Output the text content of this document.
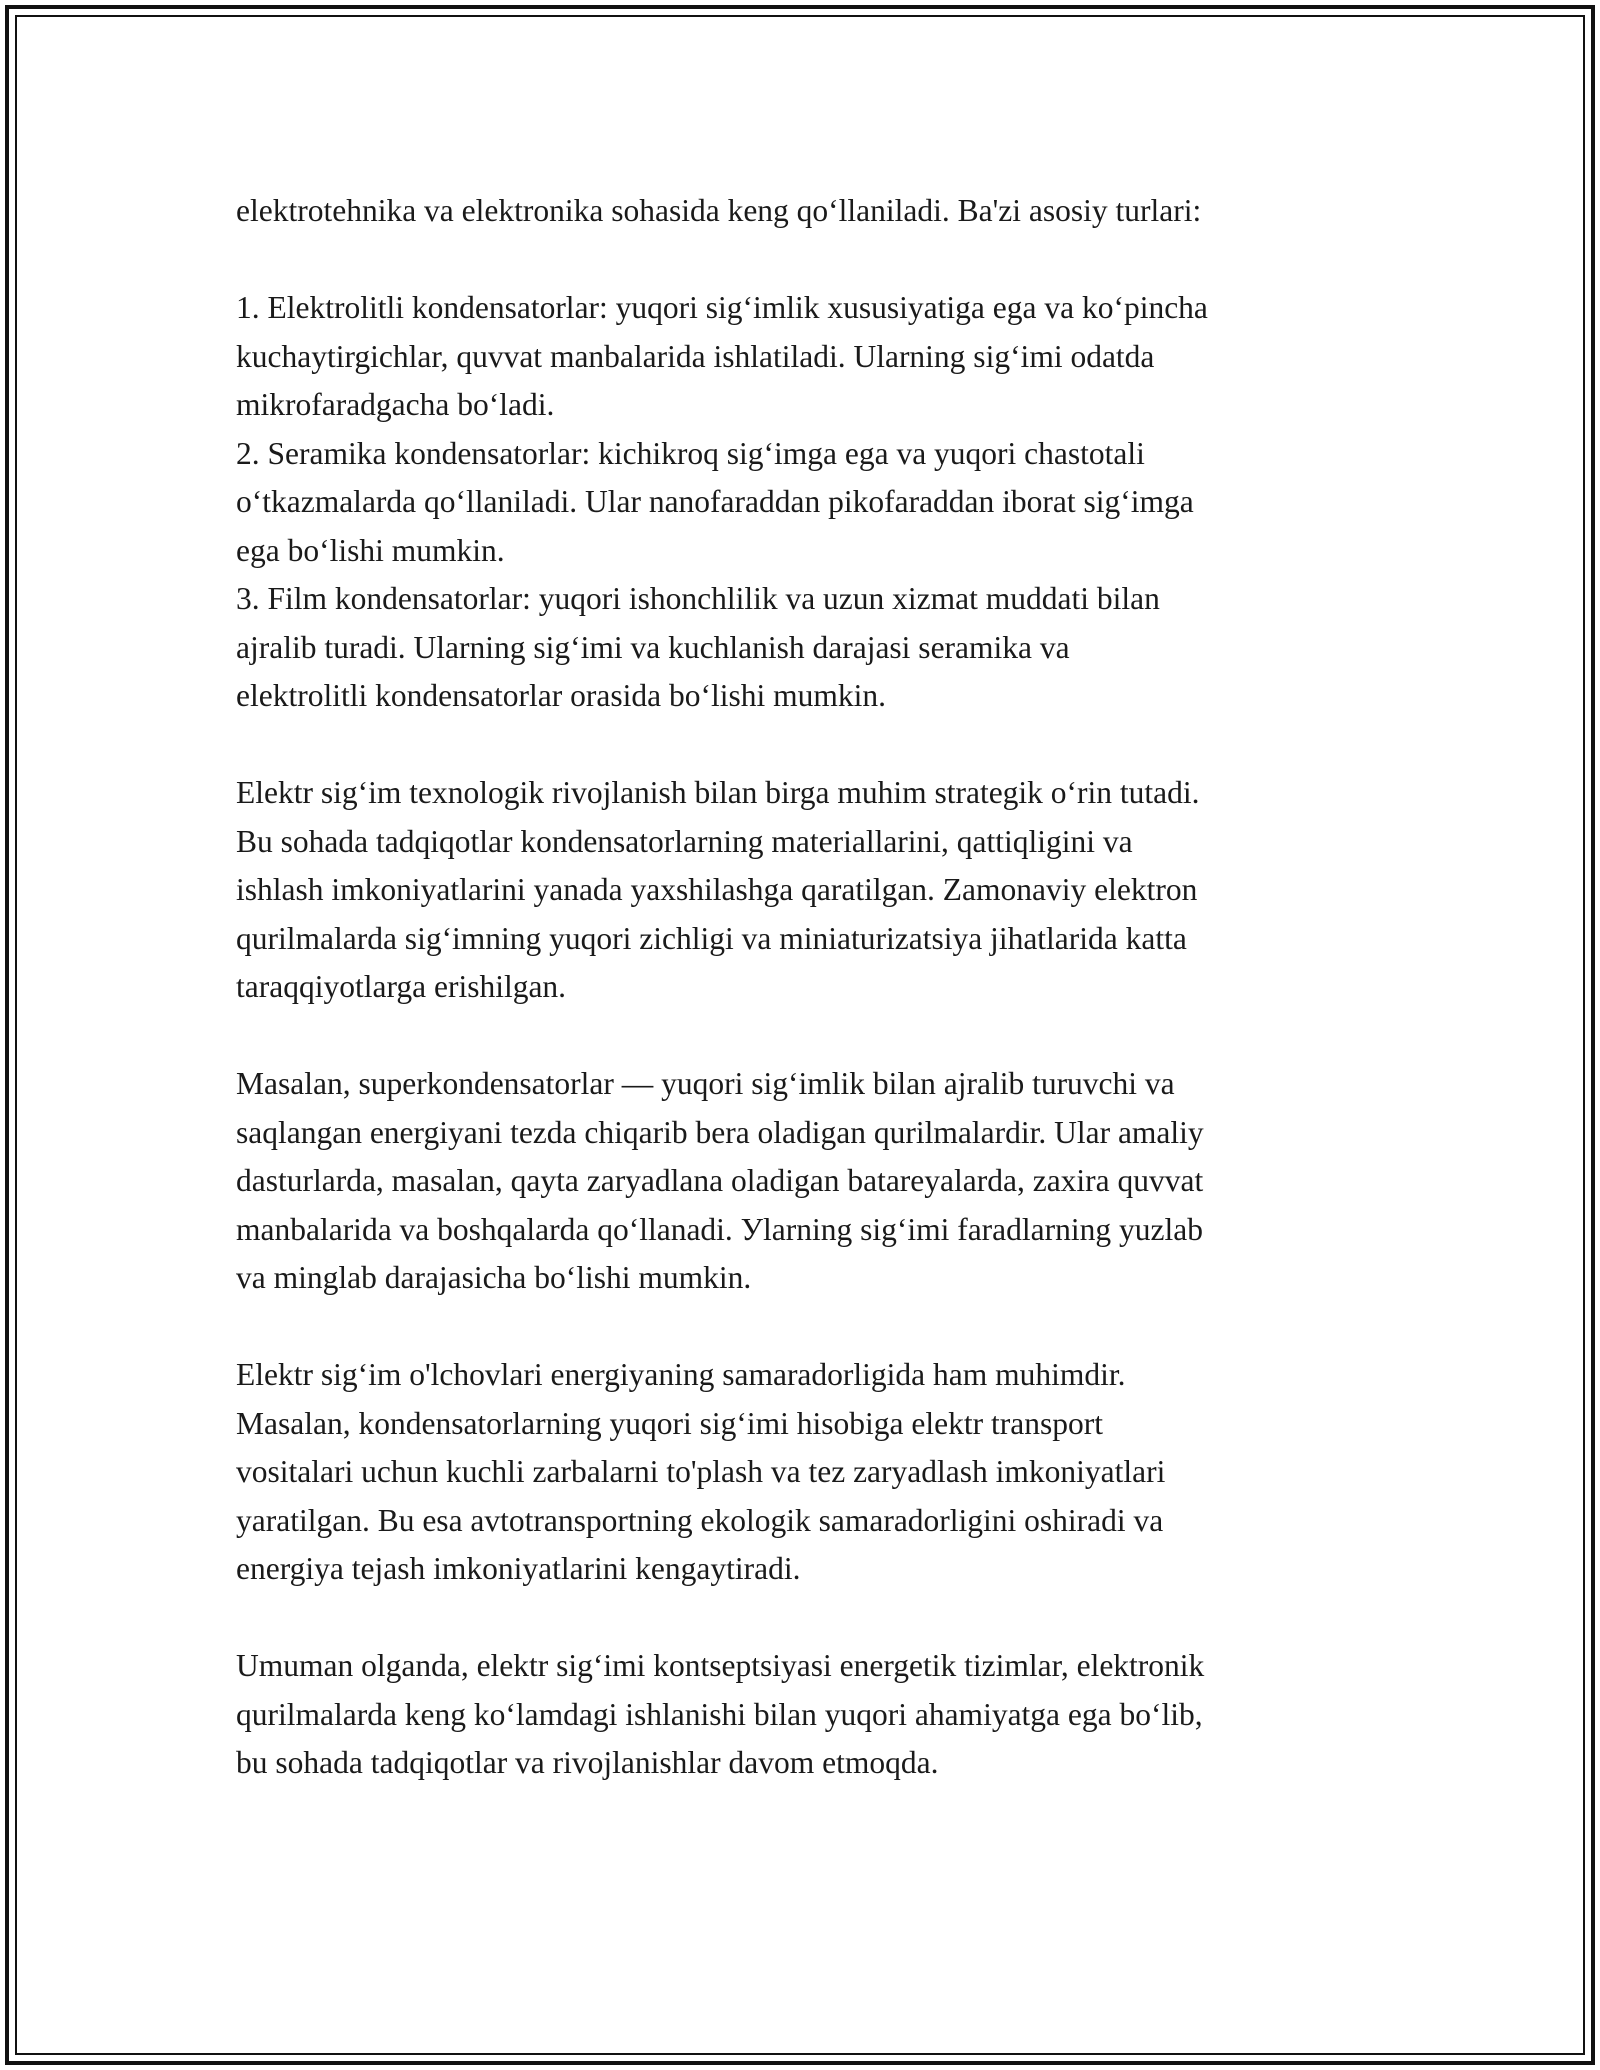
elektrotehnika va elektronika sohasida keng qo‘llaniladi. Ba'zi asosiy turlari:

1. Elektrolitli kondensatorlar: yuqori sig‘imlik xususiyatiga ega va ko‘pincha
kuchaytirgichlar, quvvat manbalarida ishlatiladi. Ularning sig‘imi odatda
mikrofaradgacha bo‘ladi.

2. Seramika kondensatorlar: kichikroq sig‘imga ega va yuqori chastotali
o‘tkazmalarda qo‘llaniladi. Ular nanofaraddan pikofaraddan iborat sig‘imga
ega bo‘lishi mumkin.

3. Film kondensatorlar: yuqori ishonchlilik va uzun xizmat muddati bilan
ajralib turadi. Ularning sig‘imi va kuchlanish darajasi seramika va
elektrolitli kondensatorlar orasida bo‘lishi mumkin.

Elektr sig‘im texnologik rivojlanish bilan birga muhim strategik o‘rin tutadi.
Bu sohada tadqiqotlar kondensatorlarning materiallarini, qattiqligini va
ishlash imkoniyatlarini yanada yaxshilashga qaratilgan. Zamonaviy elektron
qurilmalarda sig‘imning yuqori zichligi va miniaturizatsiya jihatlarida katta
taraqqiyotlarga erishilgan.

Masalan, superkondensatorlar — yuqori sig‘imlik bilan ajralib turuvchi va
saqlangan energiyani tezda chiqarib bera oladigan qurilmalardir. Ular amaliy
dasturlarda, masalan, qayta zaryadlana oladigan batareyalarda, zaxira quvvat
manbalarida va boshqalarda qo‘llanadi. Уlarning sig‘imi faradlarning yuzlab
va minglab darajasicha bo‘lishi mumkin.

Elektr sig‘im o'lchovlari energiyaning samaradorligida ham muhimdir.
Masalan, kondensatorlarning yuqori sig‘imi hisobiga elektr transport
vositalari uchun kuchli zarbalarni to'plash va tez zaryadlash imkoniyatlari
yaratilgan. Bu esa avtotransportning ekologik samaradorligini oshiradi va
energiya tejash imkoniyatlarini kengaytiradi.

Umuman olganda, elektr sig‘imi kontseptsiyasi energetik tizimlar, elektronik
qurilmalarda keng ko‘lamdagi ishlanishi bilan yuqori ahamiyatga ega bo‘lib,
bu sohada tadqiqotlar va rivojlanishlar davom etmoqda.
